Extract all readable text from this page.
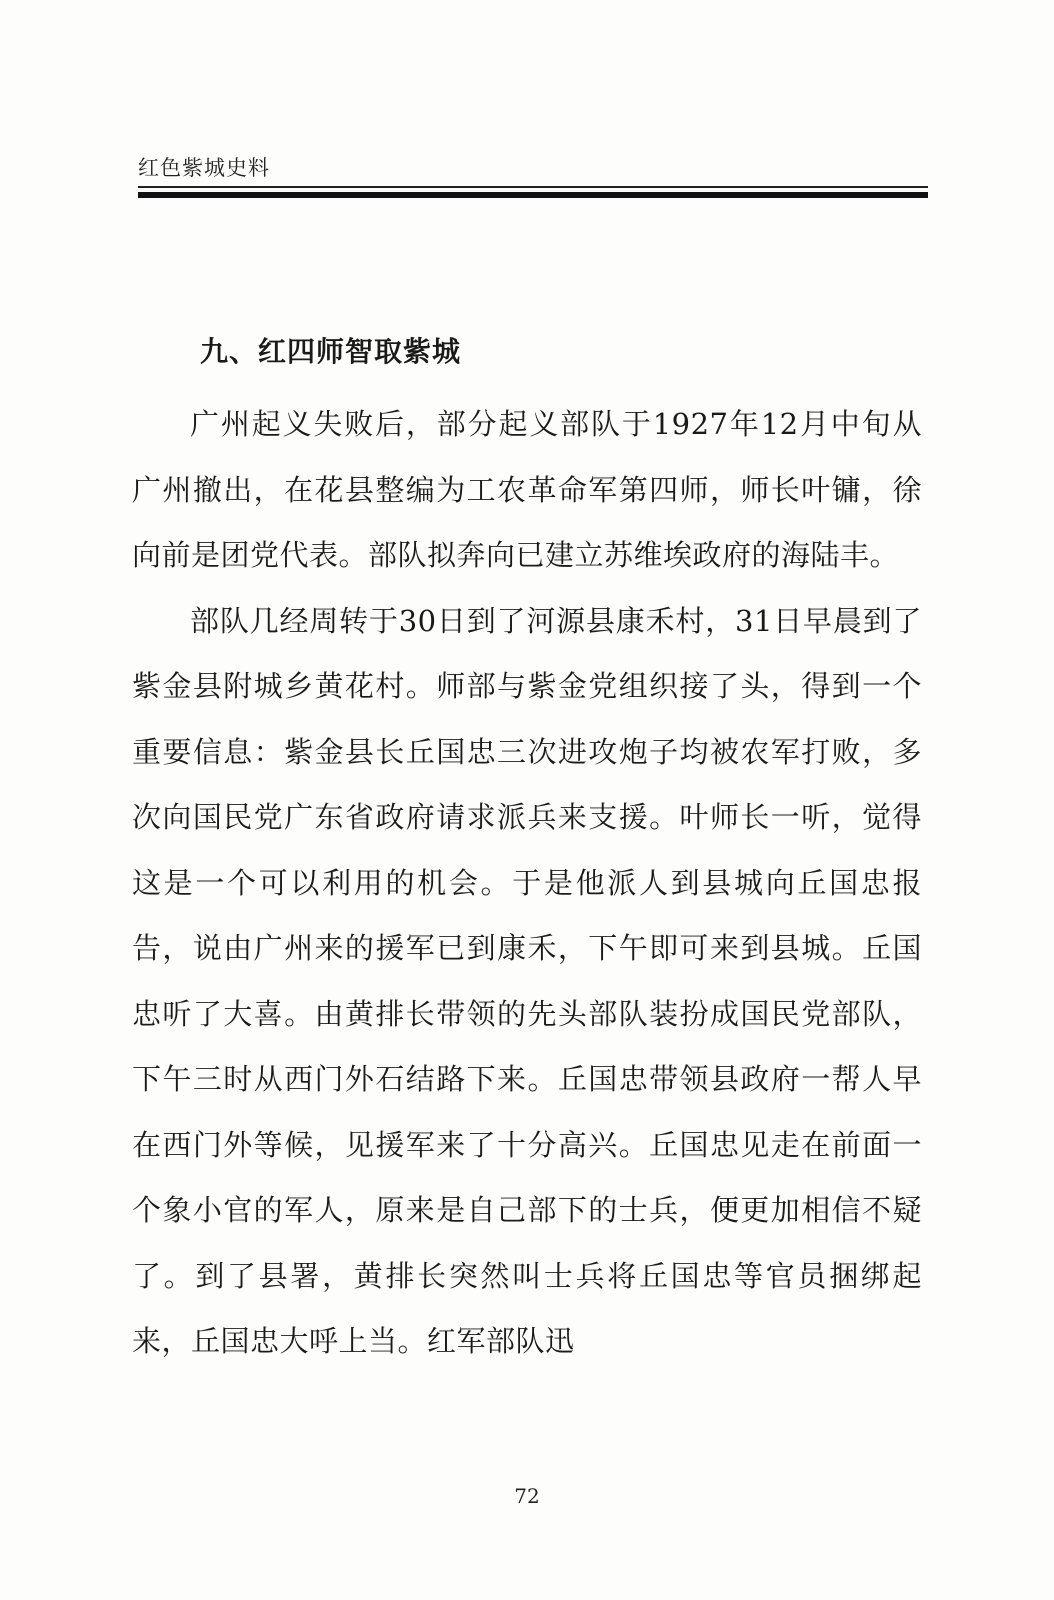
红色紫城史料
九、红四师智取紫城

广州起义失败后，部分起义部队于1927年12月中旬从广州撤出，在花县整编为工农革命军第四师，师长叶镛，徐向前是团党代表。部队拟奔向已建立苏维埃政府的海陆丰。

部队几经周转于30日到了河源县康禾村，31日早晨到了紫金县附城乡黄花村。师部与紫金党组织接了头，得到一个重要信息：紫金县长丘国忠三次进攻炮子均被农军打败，多次向国民党广东省政府请求派兵来支援。叶师长一听，觉得这是一个可以利用的机会。于是他派人到县城向丘国忠报告，说由广州来的援军已到康禾，下午即可来到县城。丘国忠听了大喜。由黄排长带领的先头部队装扮成国民党部队，下午三时从西门外石结路下来。丘国忠带领县政府一帮人早在西门外等候，见援军来了十分高兴。丘国忠见走在前面一个象小官的军人，原来是自己部下的士兵，便更加相信不疑了。到了县署，黄排长突然叫士兵将丘国忠等官员捆绑起来，丘国忠大呼上当。红军部队迅

72
